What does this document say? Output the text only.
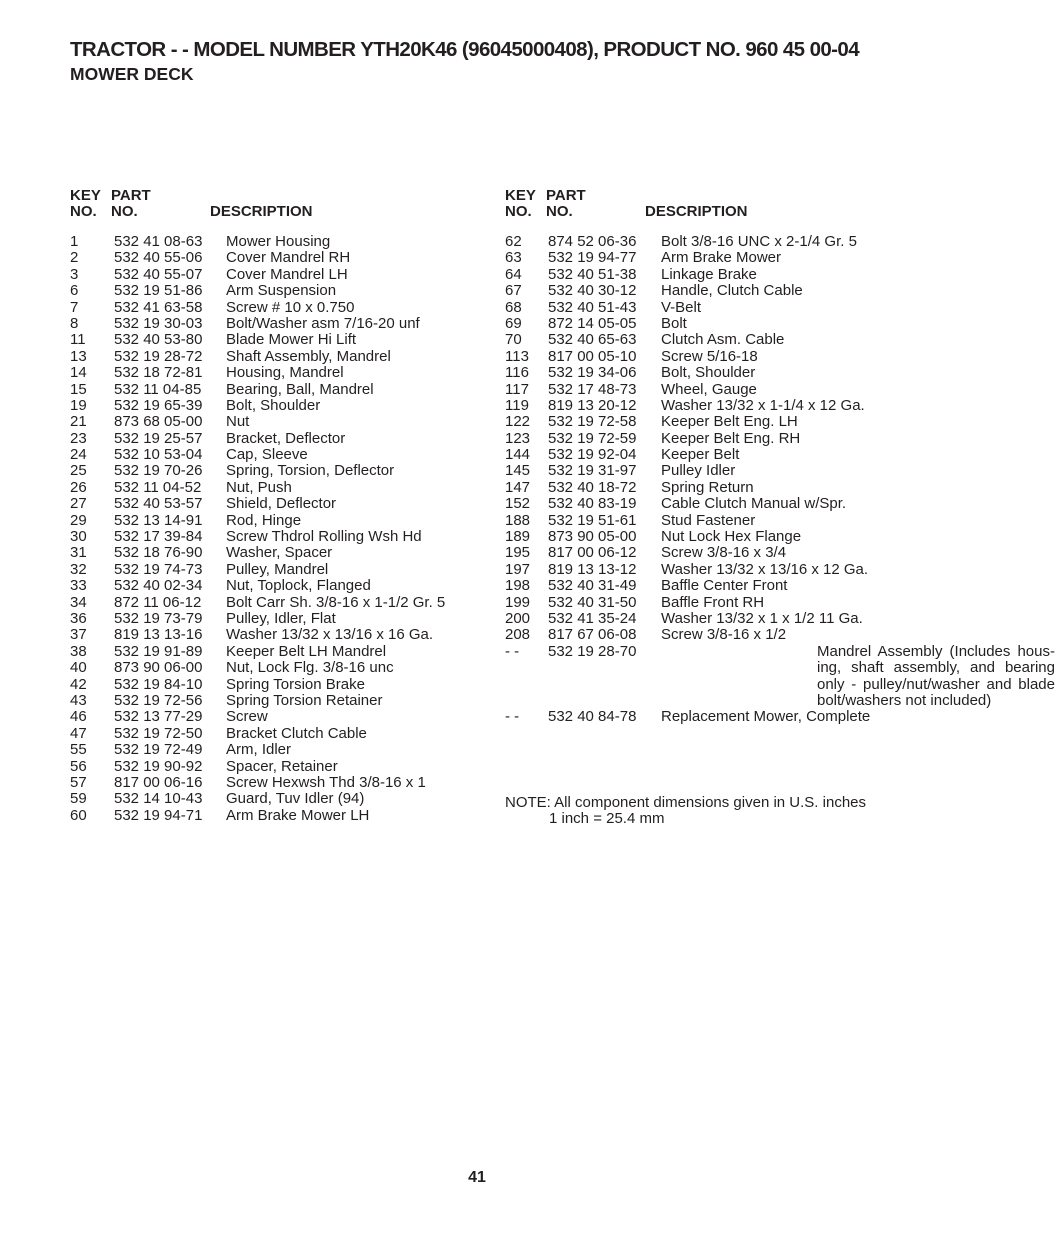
TRACTOR - - MODEL NUMBER YTH20K46 (96045000408), PRODUCT NO. 960 45 00-04
MOWER DECK
KEY
NO.
PART
NO.	DESCRIPTION
1 532 41 08-63 Mower Housing
2 532 40 55-06 Cover Mandrel RH
3 532 40 55-07 Cover Mandrel LH
6 532 19 51-86 Arm Suspension
7 532 41 63-58 Screw # 10 x 0.750
8 532 19 30-03 Bolt/Washer asm 7/16-20 unf
11 532 40 53-80 Blade Mower Hi Lift
13 532 19 28-72 Shaft Assembly, Mandrel
14 532 18 72-81 Housing, Mandrel
15 532 11 04-85 Bearing, Ball, Mandrel
19 532 19 65-39 Bolt, Shoulder
21 873 68 05-00 Nut
23 532 19 25-57 Bracket, Deflector
24 532 10 53-04 Cap, Sleeve
25 532 19 70-26 Spring, Torsion, Deflector
26 532 11 04-52 Nut, Push
27 532 40 53-57 Shield, Deflector
29 532 13 14-91 Rod, Hinge
30 532 17 39-84 Screw Thdrol Rolling Wsh Hd
31 532 18 76-90 Washer, Spacer
32 532 19 74-73 Pulley, Mandrel
33 532 40 02-34 Nut, Toplock, Flanged
34 872 11 06-12 Bolt Carr Sh. 3/8-16 x 1-1/2 Gr. 5
36 532 19 73-79 Pulley, Idler, Flat
37 819 13 13-16 Washer 13/32 x 13/16 x 16 Ga.
38 532 19 91-89 Keeper Belt LH Mandrel
40 873 90 06-00 Nut, Lock Flg. 3/8-16 unc
42 532 19 84-10 Spring Torsion Brake
43 532 19 72-56 Spring Torsion Retainer
46 532 13 77-29 Screw
47 532 19 72-50 Bracket Clutch Cable
55 532 19 72-49 Arm, Idler
56 532 19 90-92 Spacer, Retainer
57 817 00 06-16 Screw Hexwsh Thd 3/8-16 x 1
59 532 14 10-43 Guard, Tuv Idler (94)
60 532 19 94-71 Arm Brake Mower LH
KEY
NO.
PART
NO.	DESCRIPTION
62 874 52 06-36 Bolt 3/8-16 UNC x 2-1/4 Gr. 5
63 532 19 94-77 Arm Brake Mower
64 532 40 51-38 Linkage Brake
67 532 40 30-12 Handle, Clutch Cable
68 532 40 51-43 V-Belt
69 872 14 05-05 Bolt
70 532 40 65-63 Clutch Asm. Cable
113 817 00 05-10 Screw 5/16-18
116 532 19 34-06 Bolt, Shoulder
117 532 17 48-73 Wheel, Gauge
119 819 13 20-12 Washer 13/32 x 1-1/4 x 12 Ga.
122 532 19 72-58 Keeper Belt Eng. LH
123 532 19 72-59 Keeper Belt Eng. RH
144 532 19 92-04 Keeper Belt
145 532 19 31-97 Pulley Idler
147 532 40 18-72 Spring Return
152 532 40 83-19 Cable Clutch Manual w/Spr.
188 532 19 51-61 Stud Fastener
189 873 90 05-00 Nut Lock Hex Flange
195 817 00 06-12 Screw 3/8-16 x 3/4
197 819 13 13-12 Washer 13/32 x 13/16 x 12 Ga.
198 532 40 31-49 Baffle Center Front
199 532 40 31-50 Baffle Front RH
200 532 41 35-24 Washer 13/32 x 1 x 1/2 11 Ga.
208 817 67 06-08 Screw 3/8-16 x 1/2
- - 532 19 28-70	Mandrel Assembly (Includes hous-ing, shaft assembly, and bearing only - pulley/nut/washer and blade bolt/washers not included)
- - 532 40 84-78 Replacement Mower, Complete
NOTE: All component dimensions given in U.S. inches
1 inch = 25.4 mm
41
